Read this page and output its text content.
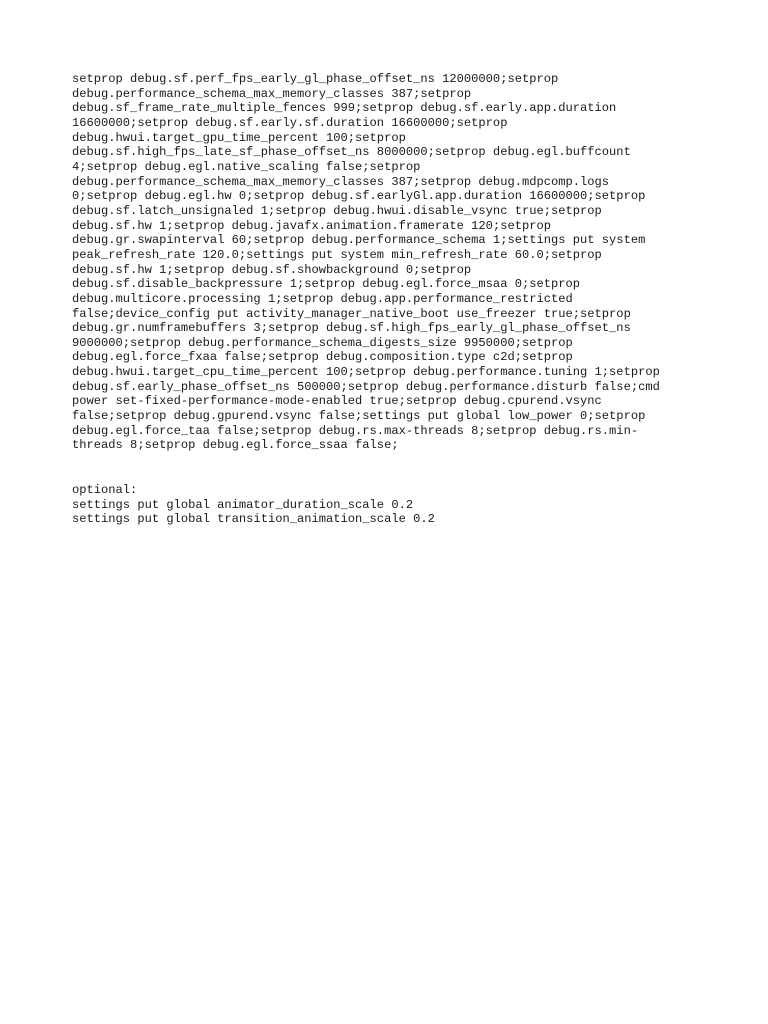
setprop debug.sf.perf_fps_early_gl_phase_offset_ns 12000000;setprop
debug.performance_schema_max_memory_classes 387;setprop
debug.sf_frame_rate_multiple_fences 999;setprop debug.sf.early.app.duration
16600000;setprop debug.sf.early.sf.duration 16600000;setprop
debug.hwui.target_gpu_time_percent 100;setprop
debug.sf.high_fps_late_sf_phase_offset_ns 8000000;setprop debug.egl.buffcount
4;setprop debug.egl.native_scaling false;setprop
debug.performance_schema_max_memory_classes 387;setprop debug.mdpcomp.logs
0;setprop debug.egl.hw 0;setprop debug.sf.earlyGl.app.duration 16600000;setprop
debug.sf.latch_unsignaled 1;setprop debug.hwui.disable_vsync true;setprop
debug.sf.hw 1;setprop debug.javafx.animation.framerate 120;setprop
debug.gr.swapinterval 60;setprop debug.performance_schema 1;settings put system
peak_refresh_rate 120.0;settings put system min_refresh_rate 60.0;setprop
debug.sf.hw 1;setprop debug.sf.showbackground 0;setprop
debug.sf.disable_backpressure 1;setprop debug.egl.force_msaa 0;setprop
debug.multicore.processing 1;setprop debug.app.performance_restricted
false;device_config put activity_manager_native_boot use_freezer true;setprop
debug.gr.numframebuffers 3;setprop debug.sf.high_fps_early_gl_phase_offset_ns
9000000;setprop debug.performance_schema_digests_size 9950000;setprop
debug.egl.force_fxaa false;setprop debug.composition.type c2d;setprop
debug.hwui.target_cpu_time_percent 100;setprop debug.performance.tuning 1;setprop
debug.sf.early_phase_offset_ns 500000;setprop debug.performance.disturb false;cmd
power set-fixed-performance-mode-enabled true;setprop debug.cpurend.vsync
false;setprop debug.gpurend.vsync false;settings put global low_power 0;setprop
debug.egl.force_taa false;setprop debug.rs.max-threads 8;setprop debug.rs.min-
threads 8;setprop debug.egl.force_ssaa false;
optional:
settings put global animator_duration_scale 0.2
settings put global transition_animation_scale 0.2
